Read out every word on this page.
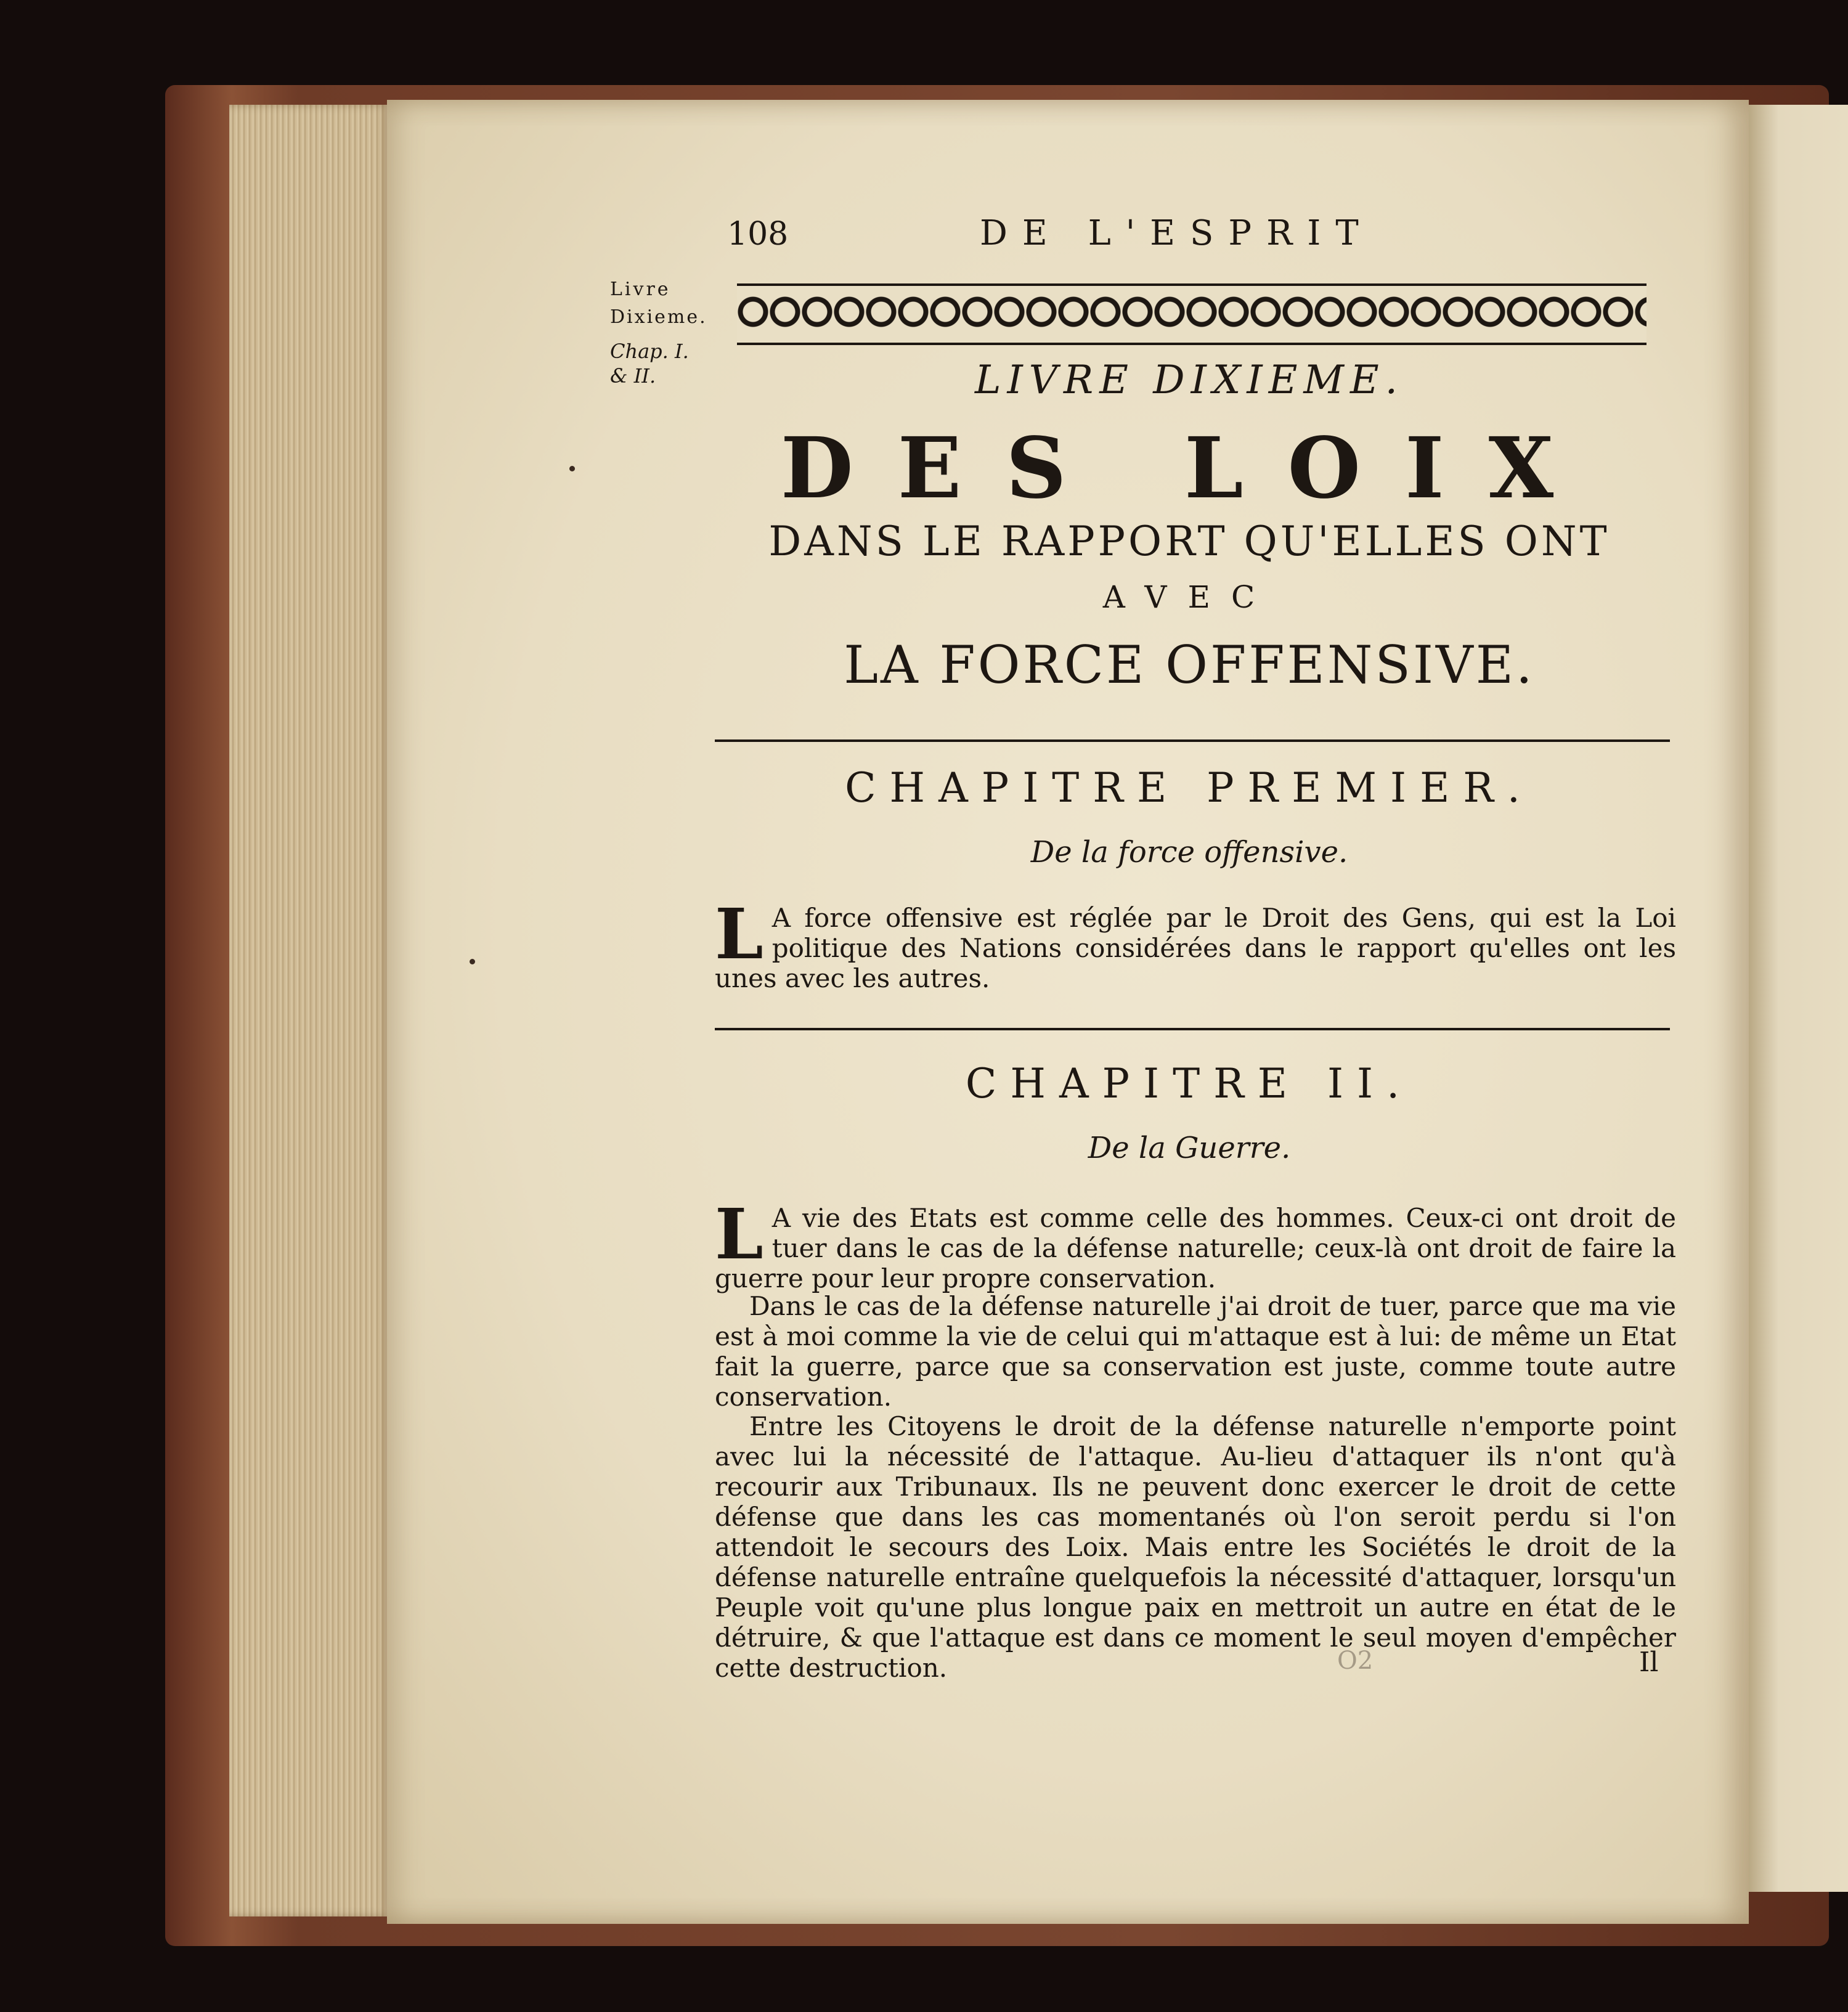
108	DE L'ESPRIT
Livre
Dixieme.
Chap. I.
& II.	LIVRE DIXIEME.
DES LOIX
DANS LE RAPPORT QU'ELLES ONT
AVEC
LA FORCE OFFENSIVE.
CHAPITRE PREMIER.
De la force offensive.
L A force offensive est réglée par le Droit des Gens, qui est la Loi politique des Nations considérées dans le rapport qu'elles ont les unes avec les autres.
CHAPITRE II.
De la Guerre.
L A vie des Etats est comme celle des hommes. Ceux-ci ont droit de tuer dans le cas de la défense naturelle; ceux-là ont droit de faire la guerre pour leur propre conservation.
Dans le cas de la défense naturelle j'ai droit de tuer, parce que ma vie est à moi comme la vie de celui qui m'attaque est à lui: de même un Etat fait la guerre, parce que sa conservation est juste, comme toute autre conservation.
Entre les Citoyens le droit de la défense naturelle n'emporte point avec lui la nécessité de l'attaque. Au-lieu d'attaquer ils n'ont qu'à recourir aux Tribunaux. Ils ne peuvent donc exercer le droit de cette défense que dans les cas momentanés où l'on seroit perdu si l'on attendoit le secours des Loix. Mais entre les Sociétés le droit de la défense naturelle entraîne quelquefois la nécessité d'attaquer, lorsqu'un Peuple voit qu'une plus longue paix en mettroit un autre en état de le détruire, & que l'attaque est dans ce moment le seul moyen d'empêcher cette destruction.	O2	Il
